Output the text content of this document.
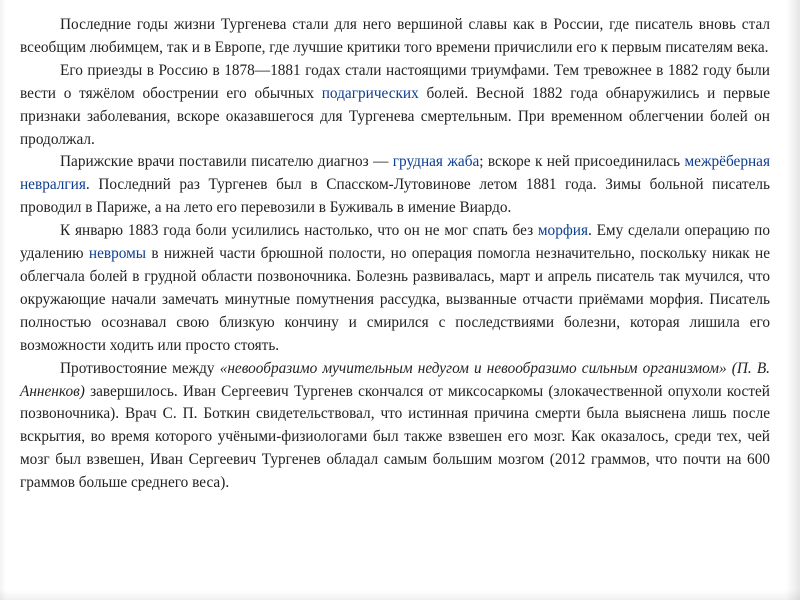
Последние годы жизни Тургенева стали для него вершиной славы как в России, где писатель вновь стал всеобщим любимцем, так и в Европе, где лучшие критики того времени причислили его к первым писателям века.

Его приезды в Россию в 1878—1881 годах стали настоящими триумфами. Тем тревожнее в 1882 году были вести о тяжёлом обострении его обычных подагрических болей. Весной 1882 года обнаружились и первые признаки заболевания, вскоре оказавшегося для Тургенева смертельным. При временном облегчении болей он продолжал.

Парижские врачи поставили писателю диагноз — грудная жаба; вскоре к ней присоединилась межрёберная невралгия. Последний раз Тургенев был в Спасском-Лутовинове летом 1881 года. Зимы больной писатель проводил в Париже, а на лето его перевозили в Буживаль в имение Виардо.

К январю 1883 года боли усилились настолько, что он не мог спать без морфия. Ему сделали операцию по удалению невромы в нижней части брюшной полости, но операция помогла незначительно, поскольку никак не облегчала болей в грудной области позвоночника. Болезнь развивалась, март и апрель писатель так мучился, что окружающие начали замечать минутные помутнения рассудка, вызванные отчасти приёмами морфия. Писатель полностью осознавал свою близкую кончину и смирился с последствиями болезни, которая лишила его возможности ходить или просто стоять.

Противостояние между «невообразимо мучительным недугом и невообразимо сильным организмом» (П. В. Анненков) завершилось. Иван Сергеевич Тургенев скончался от миксосаркомы (злокачественной опухоли костей позвоночника). Врач С. П. Боткин свидетельствовал, что истинная причина смерти была выяснена лишь после вскрытия, во время которого учёными-физиологами был также взвешен его мозг. Как оказалось, среди тех, чей мозг был взвешен, Иван Сергеевич Тургенев обладал самым большим мозгом (2012 граммов, что почти на 600 граммов больше среднего веса).
